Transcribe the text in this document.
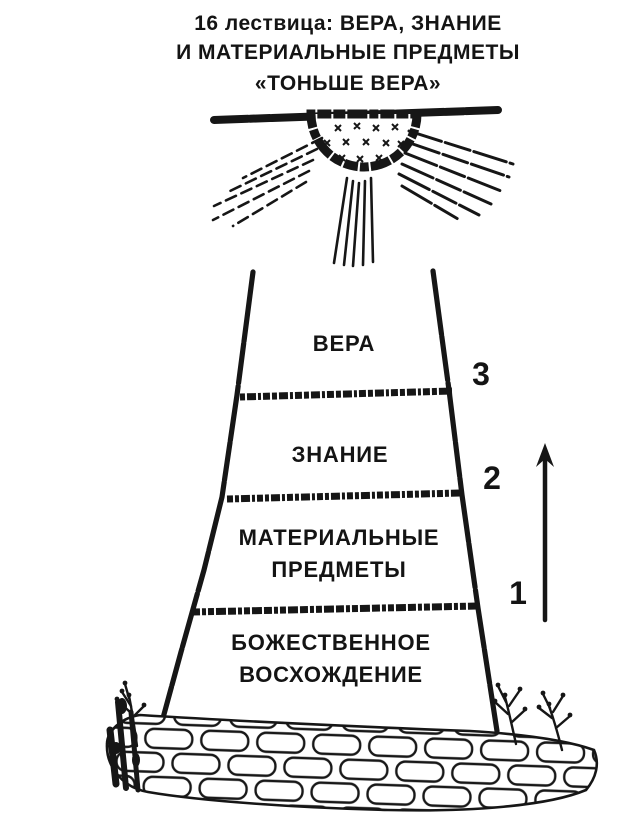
16 лествица: ВЕРА, ЗНАНИЕ
И МАТЕРИАЛЬНЫЕ ПРЕДМЕТЫ
«ТОНЬШЕ ВЕРА»
ВЕРА
ЗНАНИЕ
МАТЕРИАЛЬНЫЕ
ПРЕДМЕТЫ
БОЖЕСТВЕННОЕ
ВОСХОЖДЕНИЕ
3
2
1
